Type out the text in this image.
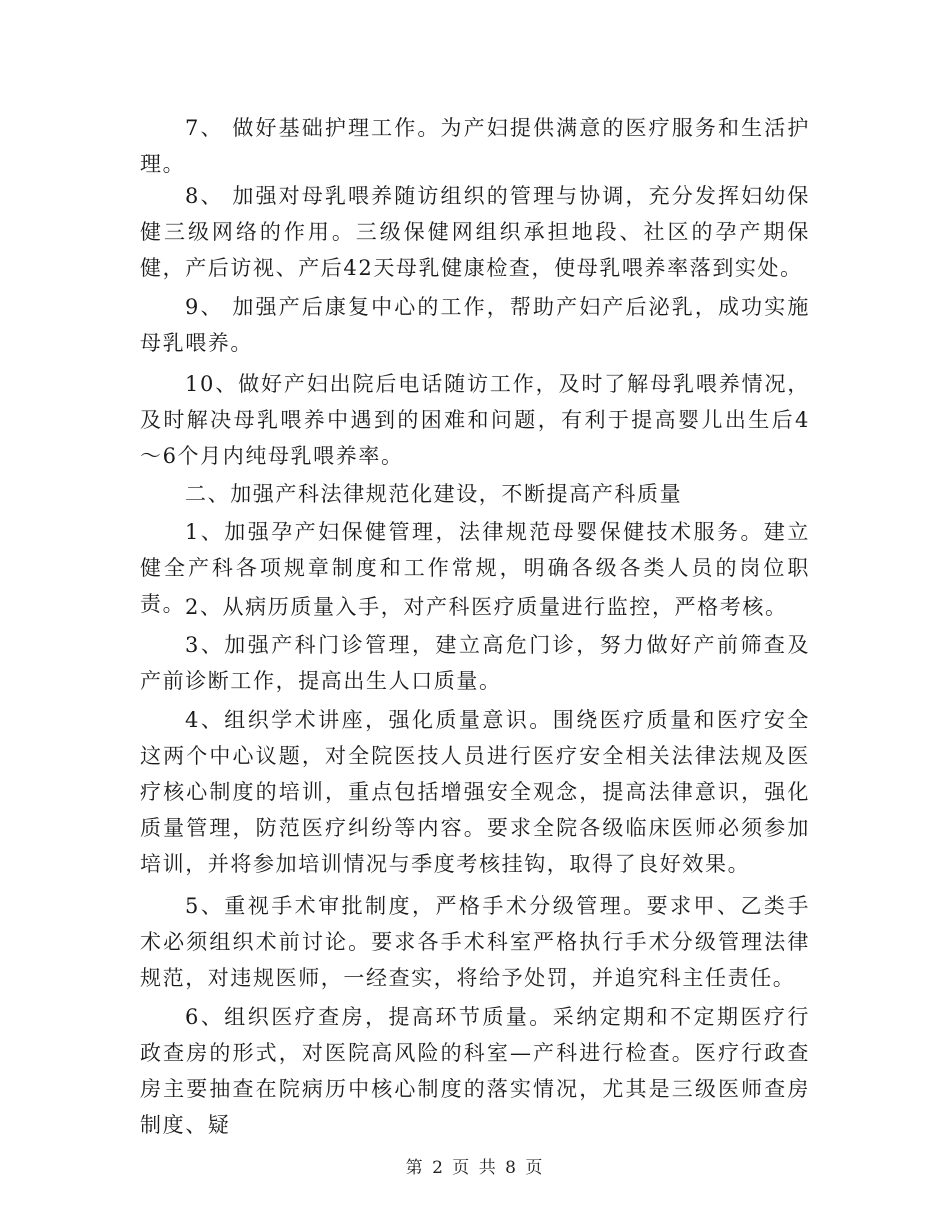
7、 做好基础护理工作。为产妇提供满意的医疗服务和生活护理。

8、 加强对母乳喂养随访组织的管理与协调，充分发挥妇幼保健三级网络的作用。三级保健网组织承担地段、社区的孕产期保健，产后访视、产后42天母乳健康检查，使母乳喂养率落到实处。

9、 加强产后康复中心的工作，帮助产妇产后泌乳，成功实施母乳喂养。

10、做好产妇出院后电话随访工作，及时了解母乳喂养情况，及时解决母乳喂养中遇到的困难和问题，有利于提高婴儿出生后4～6个月内纯母乳喂养率。

二、加强产科法律规范化建设，不断提高产科质量

1、加强孕产妇保健管理，法律规范母婴保健技术服务。建立健全产科各项规章制度和工作常规，明确各级各类人员的岗位职责。 2、从病历质量入手，对产科医疗质量进行监控，严格考核。

3、加强产科门诊管理，建立高危门诊，努力做好产前筛查及产前诊断工作，提高出生人口质量。

4、组织学术讲座，强化质量意识。围绕医疗质量和医疗安全这两个中心议题，对全院医技人员进行医疗安全相关法律法规及医疗核心制度的培训，重点包括增强安全观念，提高法律意识，强化质量管理，防范医疗纠纷等内容。要求全院各级临床医师必须参加培训，并将参加培训情况与季度考核挂钩，取得了良好效果。

5、重视手术审批制度，严格手术分级管理。要求甲、乙类手术必须组织术前讨论。要求各手术科室严格执行手术分级管理法律规范，对违规医师，一经查实，将给予处罚，并追究科主任责任。

6、组织医疗查房，提高环节质量。采纳定期和不定期医疗行政查房的形式，对医院高风险的科室—产科进行检查。医疗行政查房主要抽查在院病历中核心制度的落实情况，尤其是三级医师查房制度、疑

第 2 页 共 8 页
